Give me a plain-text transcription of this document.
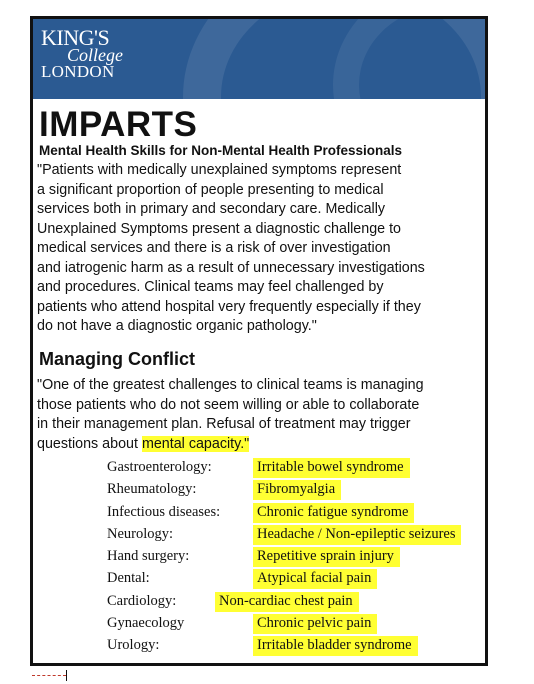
KING'S
College
LONDON
IMPARTS
Mental Health Skills for Non-Mental Health Professionals
"Patients with medically unexplained symptoms represent
a significant proportion of people presenting to medical
services both in primary and secondary care. Medically
Unexplained Symptoms present a diagnostic challenge to
medical services and there is a risk of over investigation
and iatrogenic harm as a result of unnecessary investigations
and procedures. Clinical teams may feel challenged by
patients who attend hospital very frequently especially if they
do not have a diagnostic organic pathology."
Managing Conflict
"One of the greatest challenges to clinical teams is managing
those patients who do not seem willing or able to collaborate
in their management plan. Refusal of treatment may trigger
questions about mental capacity."
Gastroenterology:	Irritable bowel syndrome
Rheumatology:	Fibromyalgia
Infectious diseases:	Chronic fatigue syndrome
Neurology:	Headache / Non-epileptic seizures
Hand surgery:	Repetitive sprain injury
Dental:	Atypical facial pain
Cardiology:	Non-cardiac chest pain
Gynaecology	Chronic pelvic pain
Urology:	Irritable bladder syndrome
